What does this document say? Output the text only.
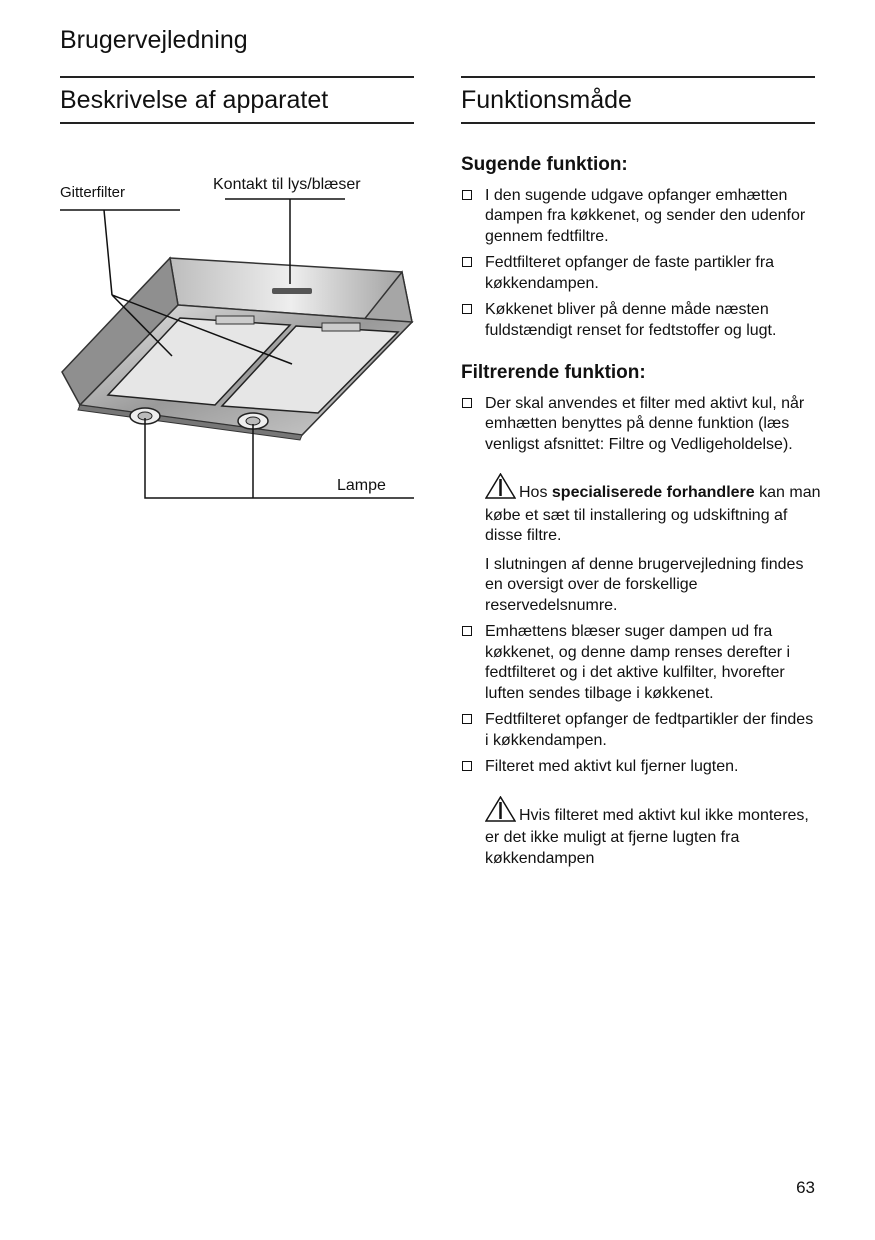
Brugervejledning
Beskrivelse af apparatet
Gitterfilter	Kontakt til lys/blæser
Lampe
Funktionsmåde
Sugende funktion:
I den sugende udgave opfanger emhætten dampen fra køkkenet, og sender den udenfor gennem fedtfiltre.
Fedtfilteret opfanger de faste partikler fra køkkendampen.
Køkkenet bliver på denne måde næsten fuldstændigt renset for fedtstoffer og lugt.
Filtrerende funktion:
Der skal anvendes et filter med aktivt kul, når emhætten benyttes på denne funktion (læs venligst afsnittet: Filtre og Vedligeholdelse).
Hos specialiserede forhandlere kan man købe et sæt til installering og udskiftning af disse filtre.
I slutningen af denne brugervejledning findes en oversigt over de forskellige reservedelsnumre.
Emhættens blæser suger dampen ud fra køkkenet, og denne damp renses derefter i fedtfilteret og i det aktive kulfilter, hvorefter luften sendes tilbage i køkkenet.
Fedtfilteret opfanger de fedtpartikler der findes i køkkendampen.
Filteret med aktivt kul fjerner lugten.
Hvis filteret med aktivt kul ikke monteres, er det ikke muligt at fjerne lugten fra køkkendampen
63
